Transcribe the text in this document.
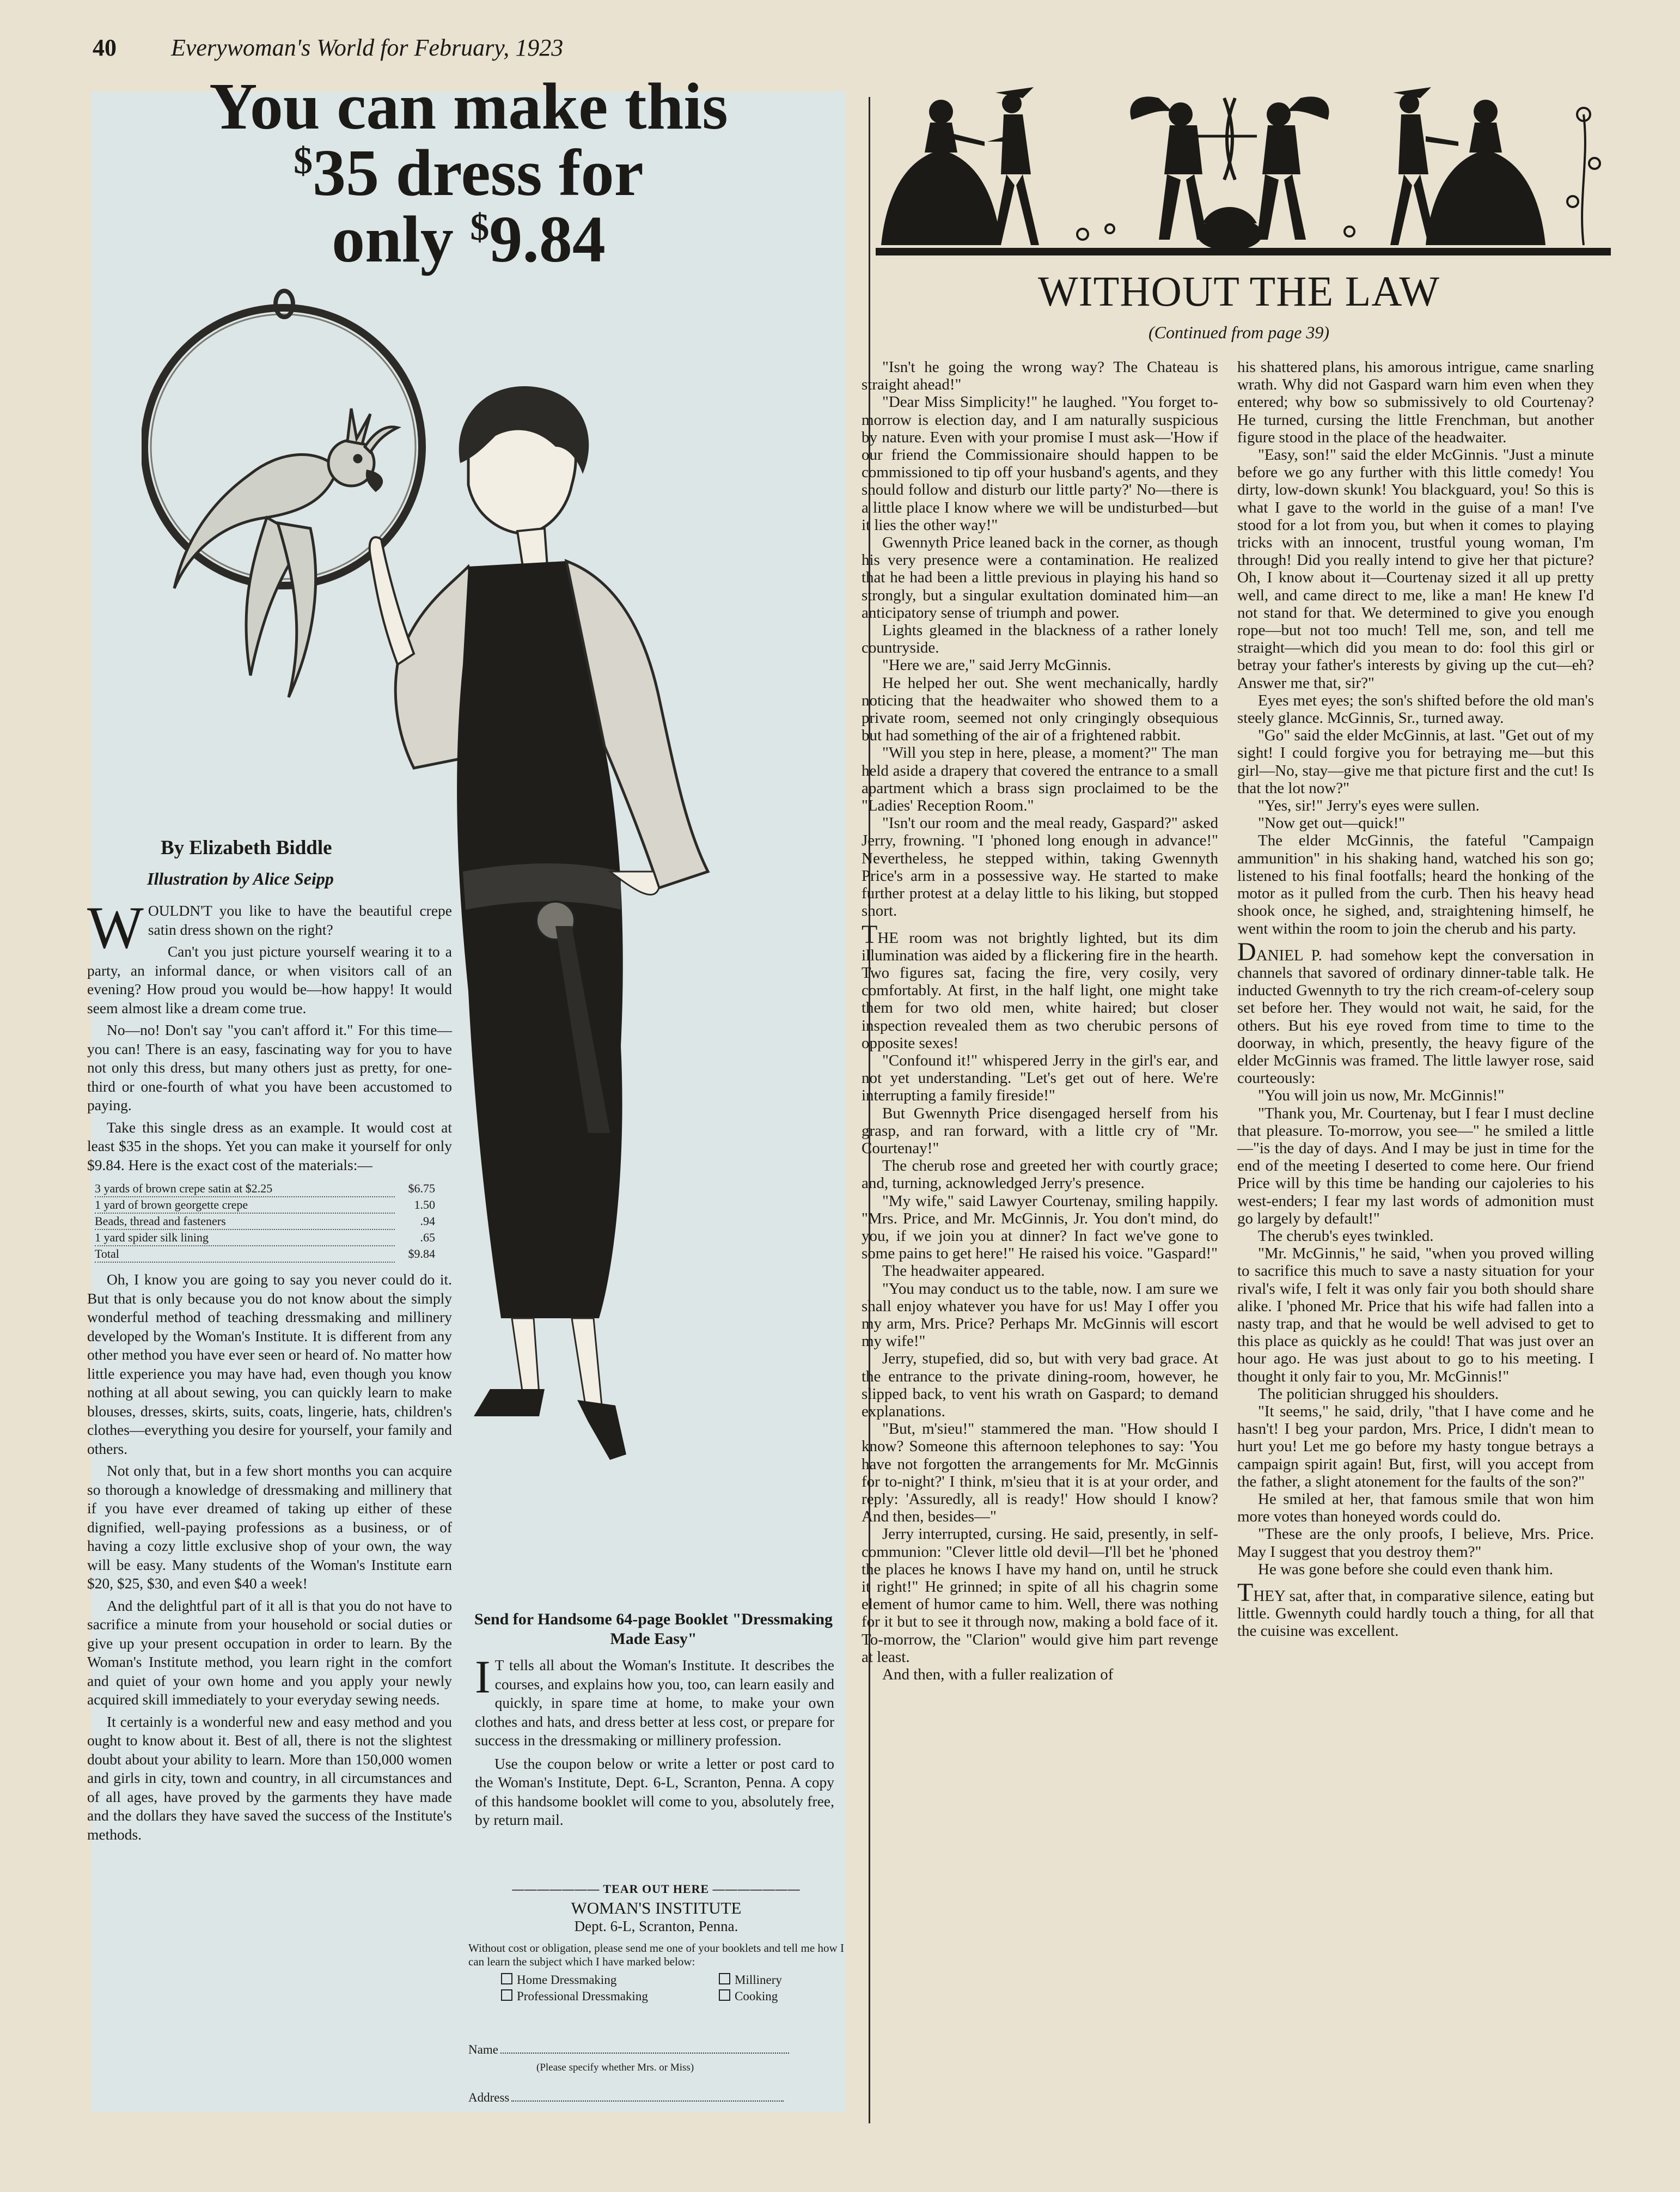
40 Everywoman's World for February, 1923
You can make this
$35 dress for
only $9.84
By Elizabeth Biddle
Illustration by Alice Seipp

WOULDN'T you like to have the beautiful crepe satin dress shown on the right?

Can't you just picture yourself wearing it to a party, an informal dance, or when visitors call of an evening? How proud you would be—how happy! It would seem almost like a dream come true.

No—no! Don't say "you can't afford it." For this time—you can! There is an easy, fascinating way for you to have not only this dress, but many others just as pretty, for one-third or one-fourth of what you have been accustomed to paying.

Take this single dress as an example. It would cost at least $35 in the shops. Yet you can make it yourself for only $9.84. Here is the exact cost of the materials:—

3 yards of brown crepe satin at $2.25	$6.75
1 yard of brown georgette crepe	1.50
Beads, thread and fasteners	.94
1 yard spider silk lining	.65
Total	$9.84

Oh, I know you are going to say you never could do it. But that is only because you do not know about the simply wonderful method of teaching dressmaking and millinery developed by the Woman's Institute. It is different from any other method you have ever seen or heard of. No matter how little experience you may have had, even though you know nothing at all about sewing, you can quickly learn to make blouses, dresses, skirts, suits, coats, lingerie, hats, children's clothes—everything you desire for yourself, your family and others.

Not only that, but in a few short months you can acquire so thorough a knowledge of dressmaking and millinery that if you have ever dreamed of taking up either of these dignified, well-paying professions as a business, or of having a cozy little exclusive shop of your own, the way will be easy. Many students of the Woman's Institute earn $20, $25, $30, and even $40 a week!

And the delightful part of it all is that you do not have to sacrifice a minute from your household or social duties or give up your present occupation in order to learn. By the Woman's Institute method, you learn right in the comfort and quiet of your own home and you apply your newly acquired skill immediately to your everyday sewing needs.

It certainly is a wonderful new and easy method and you ought to know about it. Best of all, there is not the slightest doubt about your ability to learn. More than 150,000 women and girls in city, town and country, in all circumstances and of all ages, have proved by the garments they have made and the dollars they have saved the success of the Institute's methods.

Send for Handsome 64-page Booklet "Dressmaking Made Easy"

I T tells all about the Woman's Institute. It describes the courses, and explains how you, too, can learn easily and quickly, in spare time at home, to make your own clothes and hats, and dress better at less cost, or prepare for success in the dressmaking or millinery profession.

Use the coupon below or write a letter or post card to the Woman's Institute, Dept. 6-L, Scranton, Penna. A copy of this handsome booklet will come to you, absolutely free, by return mail.

——————— TEAR OUT HERE ———————
WOMAN'S INSTITUTE
Dept. 6-L, Scranton, Penna.
Without cost or obligation, please send me one of your booklets and tell me how I can learn the subject which I have marked below:
Home Dressmaking	Millinery
Professional Dressmaking	Cooking
Name
(Please specify whether Mrs. or Miss)
Address
WITHOUT THE LAW
(Continued from page 39)

"Isn't he going the wrong way? The Chateau is straight ahead!"

"Dear Miss Simplicity!" he laughed. "You forget to-morrow is election day, and I am naturally suspicious by nature. Even with your promise I must ask—'How if our friend the Commissionaire should happen to be commissioned to tip off your husband's agents, and they should follow and disturb our little party?' No—there is a little place I know where we will be undisturbed—but it lies the other way!"

Gwennyth Price leaned back in the corner, as though his very presence were a contamination. He realized that he had been a little previous in playing his hand so strongly, but a singular exultation dominated him—an anticipatory sense of triumph and power.

Lights gleamed in the blackness of a rather lonely countryside.

"Here we are," said Jerry McGinnis.

He helped her out. She went mechanically, hardly noticing that the headwaiter who showed them to a private room, seemed not only cringingly obsequious but had something of the air of a frightened rabbit.

"Will you step in here, please, a moment?" The man held aside a drapery that covered the entrance to a small apartment which a brass sign proclaimed to be the "Ladies' Reception Room."

"Isn't our room and the meal ready, Gaspard?" asked Jerry, frowning. "I 'phoned long enough in advance!" Nevertheless, he stepped within, taking Gwennyth Price's arm in a possessive way. He started to make further protest at a delay little to his liking, but stopped short.

THE room was not brightly lighted, but its dim illumination was aided by a flickering fire in the hearth. Two figures sat, facing the fire, very cosily, very comfortably. At first, in the half light, one might take them for two old men, white haired; but closer inspection revealed them as two cherubic persons of opposite sexes!

"Confound it!" whispered Jerry in the girl's ear, and not yet understanding. "Let's get out of here. We're interrupting a family fireside!"

But Gwennyth Price disengaged herself from his grasp, and ran forward, with a little cry of "Mr. Courtenay!"

The cherub rose and greeted her with courtly grace; and, turning, acknowledged Jerry's presence.

"My wife," said Lawyer Courtenay, smiling happily. "Mrs. Price, and Mr. McGinnis, Jr. You don't mind, do you, if we join you at dinner? In fact we've gone to some pains to get here!" He raised his voice. "Gaspard!"

The headwaiter appeared.

"You may conduct us to the table, now. I am sure we shall enjoy whatever you have for us! May I offer you my arm, Mrs. Price? Perhaps Mr. McGinnis will escort my wife!"

Jerry, stupefied, did so, but with very bad grace. At the entrance to the private dining-room, however, he slipped back, to vent his wrath on Gaspard; to demand explanations.

"But, m'sieu!" stammered the man. "How should I know? Someone this afternoon telephones to say: 'You have not forgotten the arrangements for Mr. McGinnis for to-night?' I think, m'sieu that it is at your order, and reply: 'Assuredly, all is ready!' How should I know? And then, besides—"

Jerry interrupted, cursing. He said, presently, in self-communion: "Clever little old devil—I'll bet he 'phoned the places he knows I have my hand on, until he struck it right!" He grinned; in spite of all his chagrin some element of humor came to him. Well, there was nothing for it but to see it through now, making a bold face of it. To-morrow, the "Clarion" would give him part revenge at least.

And then, with a fuller realization of

his shattered plans, his amorous intrigue, came snarling wrath. Why did not Gaspard warn him even when they entered; why bow so submissively to old Courtenay? He turned, cursing the little Frenchman, but another figure stood in the place of the headwaiter.

"Easy, son!" said the elder McGinnis. "Just a minute before we go any further with this little comedy! You dirty, low-down skunk! You blackguard, you! So this is what I gave to the world in the guise of a man! I've stood for a lot from you, but when it comes to playing tricks with an innocent, trustful young woman, I'm through! Did you really intend to give her that picture? Oh, I know about it—Courtenay sized it all up pretty well, and came direct to me, like a man! He knew I'd not stand for that. We determined to give you enough rope—but not too much! Tell me, son, and tell me straight—which did you mean to do: fool this girl or betray your father's interests by giving up the cut—eh? Answer me that, sir?"

Eyes met eyes; the son's shifted before the old man's steely glance. McGinnis, Sr., turned away.

"Go" said the elder McGinnis, at last. "Get out of my sight! I could forgive you for betraying me—but this girl—No, stay—give me that picture first and the cut! Is that the lot now?"

"Yes, sir!" Jerry's eyes were sullen.

"Now get out—quick!"

The elder McGinnis, the fateful "Campaign ammunition" in his shaking hand, watched his son go; listened to his final footfalls; heard the honking of the motor as it pulled from the curb. Then his heavy head shook once, he sighed, and, straightening himself, he went within the room to join the cherub and his party.

DANIEL P. had somehow kept the conversation in channels that savored of ordinary dinner-table talk. He inducted Gwennyth to try the rich cream-of-celery soup set before her. They would not wait, he said, for the others. But his eye roved from time to time to the doorway, in which, presently, the heavy figure of the elder McGinnis was framed. The little lawyer rose, said courteously:

"You will join us now, Mr. McGinnis!"

"Thank you, Mr. Courtenay, but I fear I must decline that pleasure. To-morrow, you see—" he smiled a little—"is the day of days. And I may be just in time for the end of the meeting I deserted to come here. Our friend Price will by this time be handing our cajoleries to his west-enders; I fear my last words of admonition must go largely by default!"

The cherub's eyes twinkled.

"Mr. McGinnis," he said, "when you proved willing to sacrifice this much to save a nasty situation for your rival's wife, I felt it was only fair you both should share alike. I 'phoned Mr. Price that his wife had fallen into a nasty trap, and that he would be well advised to get to this place as quickly as he could! That was just over an hour ago. He was just about to go to his meeting. I thought it only fair to you, Mr. McGinnis!"

The politician shrugged his shoulders.

"It seems," he said, drily, "that I have come and he hasn't! I beg your pardon, Mrs. Price, I didn't mean to hurt you! Let me go before my hasty tongue betrays a campaign spirit again! But, first, will you accept from the father, a slight atonement for the faults of the son?"

He smiled at her, that famous smile that won him more votes than honeyed words could do.

"These are the only proofs, I believe, Mrs. Price. May I suggest that you destroy them?"

He was gone before she could even thank him.

THEY sat, after that, in comparative silence, eating but little. Gwennyth could hardly touch a thing, for all that the cuisine was excellent.
